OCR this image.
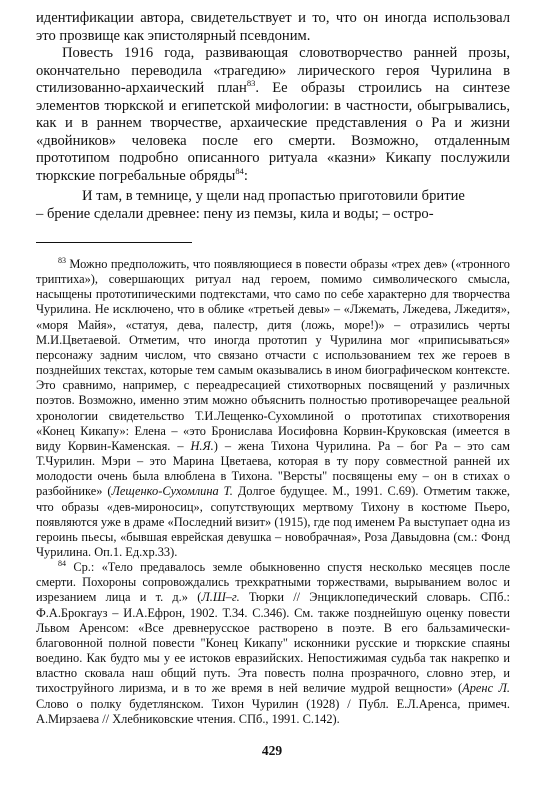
идентификации автора, свидетельствует и то, что он иногда использовал это прозвище как эпистолярный псевдоним.

Повесть 1916 года, развивающая словотворчество ранней прозы, окончательно переводила «трагедию» лирического героя Чурилина в стилизованно-архаический план$^{83}$. Ее образы строились на синтезе элементов тюркской и египетской мифологии: в частности, обыгрывались, как и в раннем творчестве, архаические представления о Ра и жизни «двойников» человека после его смерти. Возможно, отдаленным прототипом подробно описанного ритуала «казни» Кикапу послужили тюркские погребальные обряды$^{84}$:

И там, в темнице, у щели над пропастью приготовили бритие

– брение сделали древнее: пену из пемзы, кила и воды; – остро-

$^{83}$ Можно предположить, что появляющиеся в повести образы «трех дев» («тронного триптиха»), совершающих ритуал над героем, помимо символического смысла, насыщены прототипическими подтекстами, что само по себе характерно для творчества Чурилина. Не исключено, что в облике «третьей девы» – «Лжемать, Лжедева, Лжедитя», «моря Майя», «статуя, дева, палестр, дитя (ложь, море!)» – отразились черты М.И.Цветаевой. Отметим, что иногда прототип у Чурилина мог «приписываться» персонажу задним числом, что связано отчасти с использованием тех же героев в позднейших текстах, которые тем самым оказывались в ином биографическом контексте. Это сравнимо, например, с переадресацией стихотворных посвящений у различных поэтов. Возможно, именно этим можно объяснить полностью противоречащее реальной хронологии свидетельство Т.И.Лещенко-Сухомлиной о прототипах стихотворения «Конец Кикапу»: Елена – «это Бронислава Иосифовна Корвин-Круковская (имеется в виду Корвин-Каменская. – Н.Я.) – жена Тихона Чурилина. Ра – бог Ра – это сам Т.Чурилин. Мэри – это Марина Цветаева, которая в ту пору совместной ранней их молодости очень была влюблена в Тихона. "Версты" посвящены ему – он в стихах о разбойнике» (Лещенко-Сухомлина Т. Долгое будущее. М., 1991. С.69). Отметим также, что образы «дев-мироносиц», сопутствующих мертвому Тихону в костюме Пьеро, появляются уже в драме «Последний визит» (1915), где под именем Ра выступает одна из героинь пьесы, «бывшая еврейская девушка – новобрачная», Роза Давыдовна (см.: Фонд Чурилина. Оп.1. Ед.хр.33).

$^{84}$ Ср.: «Тело предавалось земле обыкновенно спустя несколько месяцев после смерти. Похороны сопровождались трехкратными торжествами, вырыванием волос и изрезанием лица и т. д.» (Л.Ш–г. Тюрки // Энциклопедический словарь. СПб.: Ф.А.Брокгауз – И.А.Ефрон, 1902. Т.34. С.346). См. также позднейшую оценку повести Львом Аренсом: «Все древнерусское растворено в поэте. В его бальзамически-благовонной полной повести "Конец Кикапу" исконники русские и тюркские спаяны воедино. Как будто мы у ее истоков евразийских. Непостижимая судьба так накрепко и властно сковала наш общий путь. Эта повесть полна прозрачного, словно этер, и тихоструйного лиризма, и в то же время в ней величие мудрой вещности» (Аренс Л. Слово о полку будетлянском. Тихон Чурилин (1928) / Публ. Е.Л.Аренса, примеч. А.Мирзаева // Хлебниковские чтения. СПб., 1991. С.142).

429
